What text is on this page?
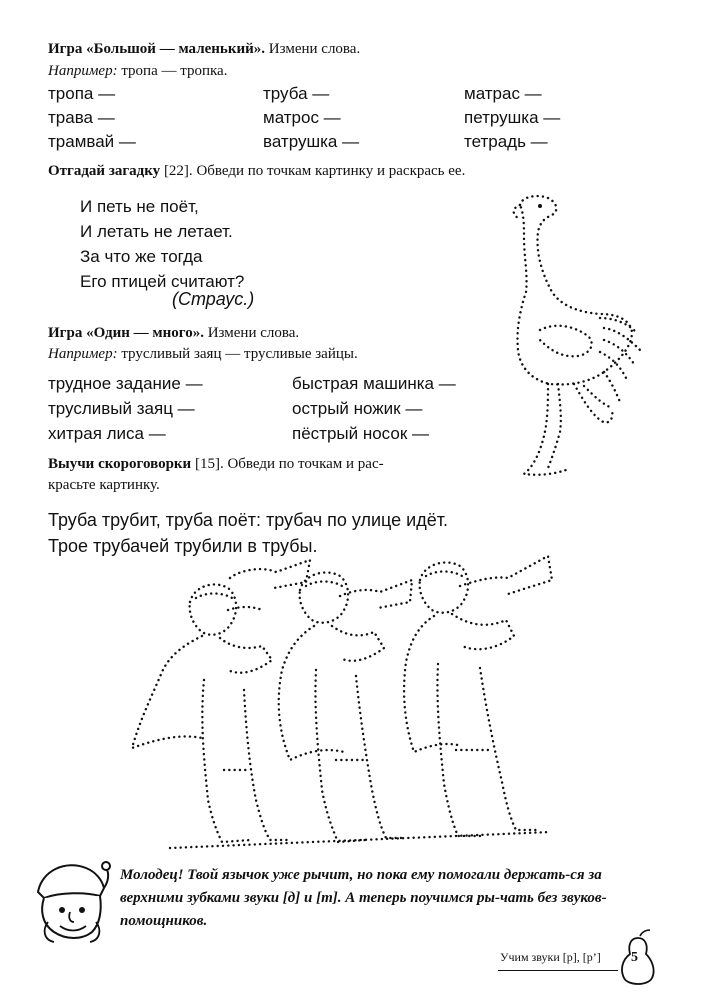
Игра «Большой — маленький». Измени слова.
Например: тропа — тропка.
тропа —	труба —	матрас —
трава —	матрос —	петрушка —
трамвай —	ватрушка —	тетрадь —
Отгадай загадку [22]. Обведи по точкам картинку и раскрась ее.
И петь не поёт,
И летать не летает.
За что же тогда
Его птицей считают?
(Страус.)
Игра «Один — много». Измени слова.
Например: трусливый заяц — трусливые зайцы.
трудное задание —	быстрая машинка —
трусливый заяц —	острый ножик —
хитрая лиса —	пёстрый носок —
Выучи скороговорки [15]. Обведи по точкам и рас-
красьте картинку.
Труба трубит, труба поёт: трубач по улице идёт.
Трое трубачей трубили в трубы.
Молодец! Твой язычок уже рычит, но пока ему помогали держать-ся за верхними зубками звуки [д] и [т]. А теперь поучимся ры-чать без звуков-помощников.
Учим звуки [р], [р’] 5
